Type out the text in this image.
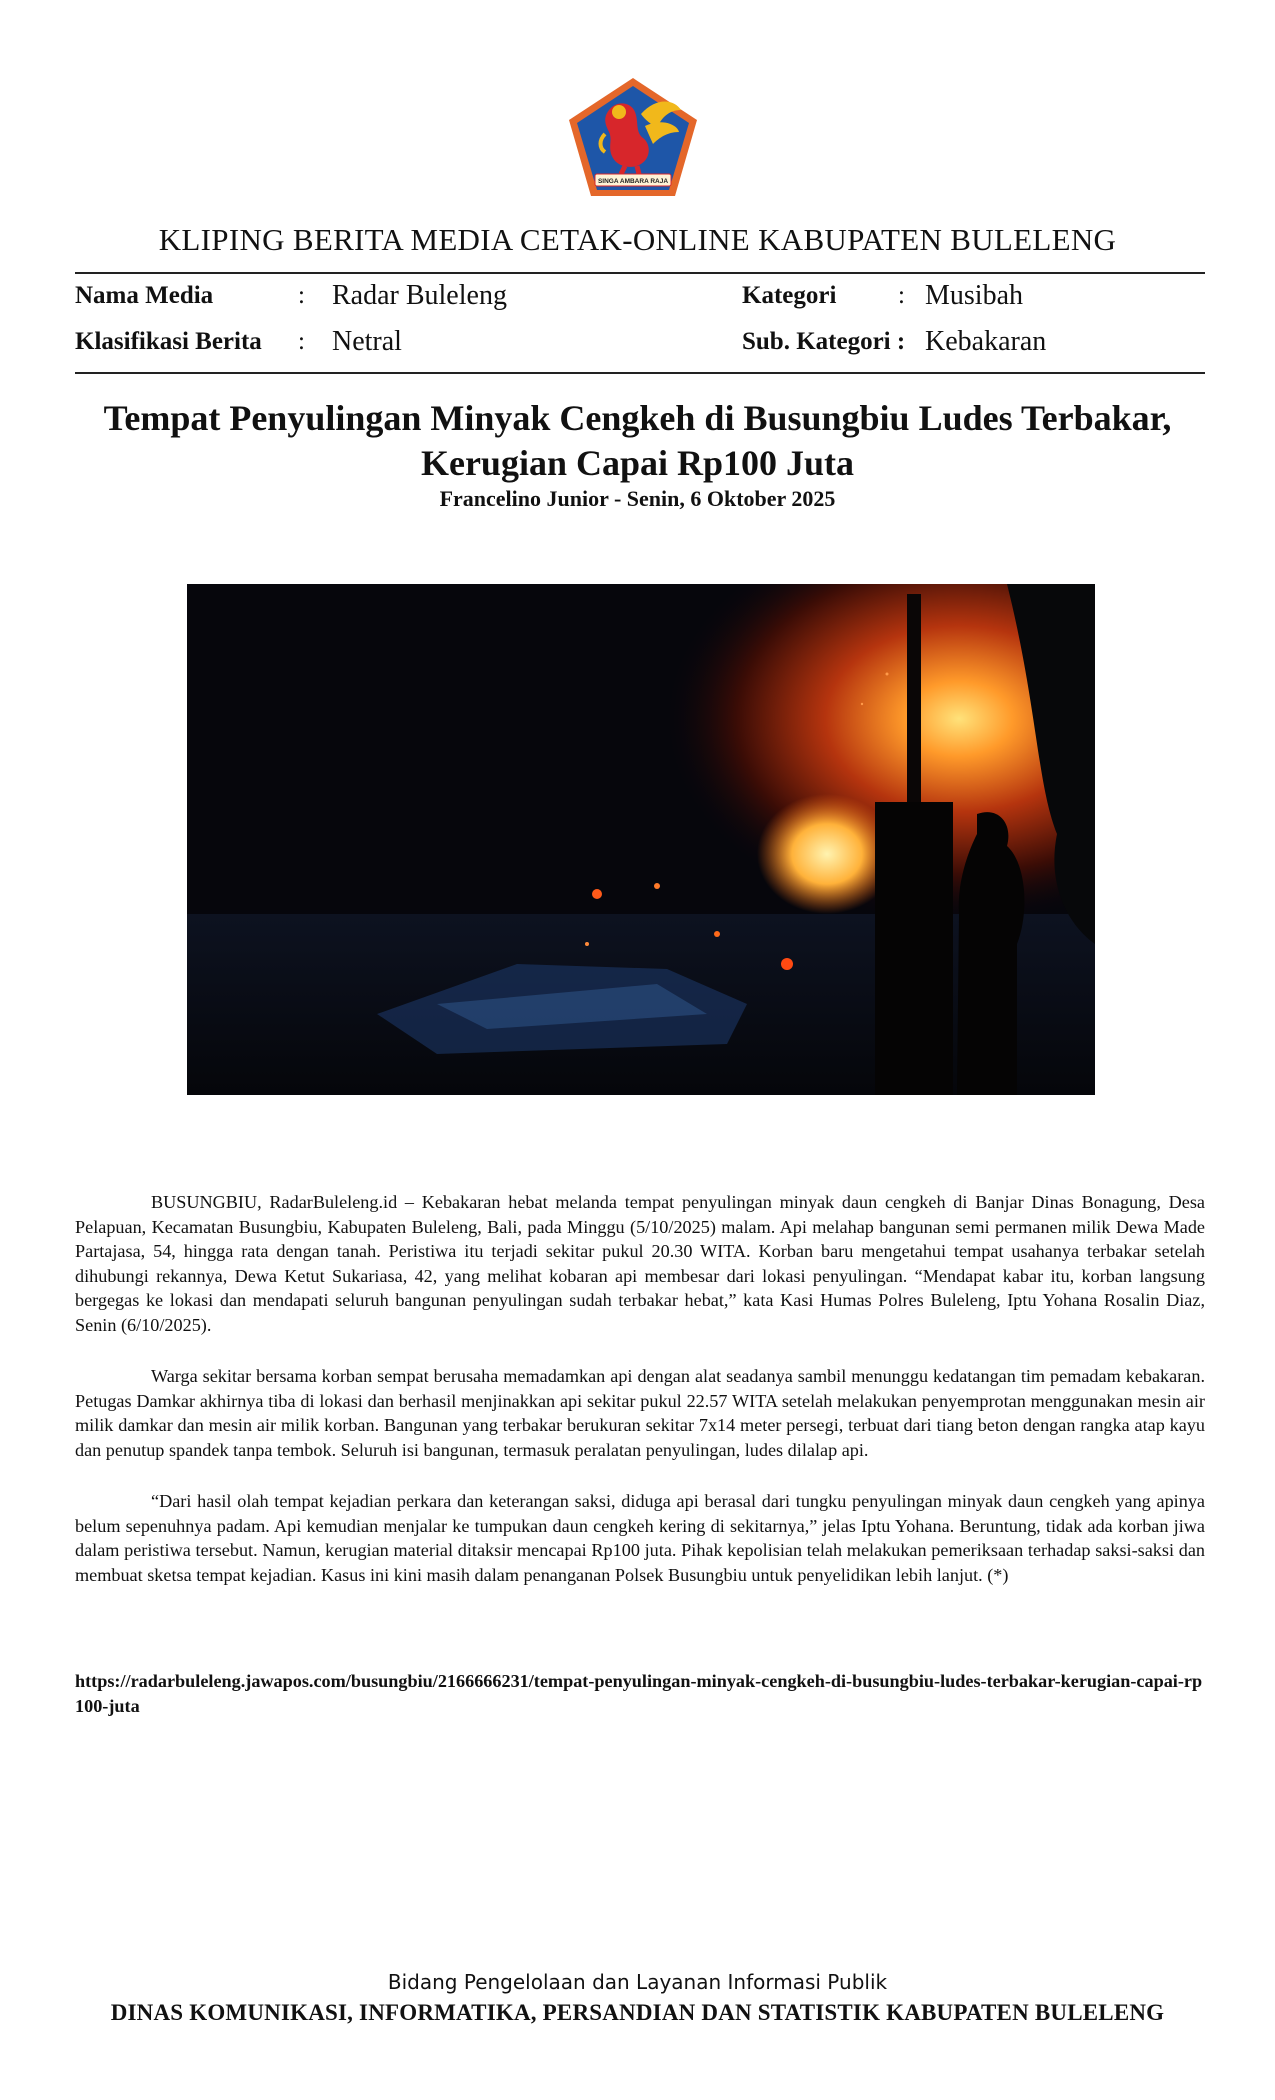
SINGA AMBARA RAJA
KLIPING BERITA MEDIA CETAK-ONLINE KABUPATEN BULELENG
Nama Media	: Radar Buleleng	Kategori : Musibah
Klasifikasi Berita : Netral	Sub. Kategori : Kebakaran
Tempat Penyulingan Minyak Cengkeh di Busungbiu Ludes Terbakar,
Kerugian Capai Rp100 Juta
Francelino Junior - Senin, 6 Oktober 2025

BUSUNGBIU, RadarBuleleng.id – Kebakaran hebat melanda tempat penyulingan minyak daun cengkeh di Banjar Dinas Bonagung, Desa Pelapuan, Kecamatan Busungbiu, Kabupaten Buleleng, Bali, pada Minggu (5/10/2025) malam. Api melahap bangunan semi permanen milik Dewa Made Partajasa, 54, hingga rata dengan tanah. Peristiwa itu terjadi sekitar pukul 20.30 WITA. Korban baru mengetahui tempat usahanya terbakar setelah dihubungi rekannya, Dewa Ketut Sukariasa, 42, yang melihat kobaran api membesar dari lokasi penyulingan. “Mendapat kabar itu, korban langsung bergegas ke lokasi dan mendapati seluruh bangunan penyulingan sudah terbakar hebat,” kata Kasi Humas Polres Buleleng, Iptu Yohana Rosalin Diaz, Senin (6/10/2025).

Warga sekitar bersama korban sempat berusaha memadamkan api dengan alat seadanya sambil menunggu kedatangan tim pemadam kebakaran. Petugas Damkar akhirnya tiba di lokasi dan berhasil menjinakkan api sekitar pukul 22.57 WITA setelah melakukan penyemprotan menggunakan mesin air milik damkar dan mesin air milik korban. Bangunan yang terbakar berukuran sekitar 7x14 meter persegi, terbuat dari tiang beton dengan rangka atap kayu dan penutup spandek tanpa tembok. Seluruh isi bangunan, termasuk peralatan penyulingan, ludes dilalap api.

“Dari hasil olah tempat kejadian perkara dan keterangan saksi, diduga api berasal dari tungku penyulingan minyak daun cengkeh yang apinya belum sepenuhnya padam. Api kemudian menjalar ke tumpukan daun cengkeh kering di sekitarnya,” jelas Iptu Yohana. Beruntung, tidak ada korban jiwa dalam peristiwa tersebut. Namun, kerugian material ditaksir mencapai Rp100 juta. Pihak kepolisian telah melakukan pemeriksaan terhadap saksi-saksi dan membuat sketsa tempat kejadian. Kasus ini kini masih dalam penanganan Polsek Busungbiu untuk penyelidikan lebih lanjut. (*)

https://radarbuleleng.jawapos.com/busungbiu/2166666231/tempat-penyulingan-minyak-cengkeh-di-busungbiu-ludes-terbakar-kerugian-capai-rp100-juta
Bidang Pengelolaan dan Layanan Informasi Publik
DINAS KOMUNIKASI, INFORMATIKA, PERSANDIAN DAN STATISTIK KABUPATEN BULELENG
